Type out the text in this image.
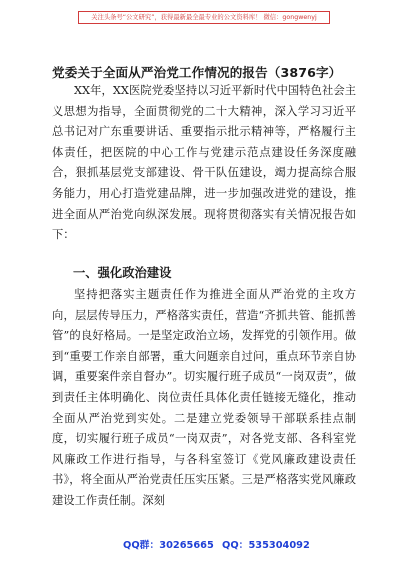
关注头条号“公文研究”，获得最新最全最专业的公文资料库！ 微信：gongwenyj
党委关于全面从严治党工作情况的报告（3876字）

XX年，XX医院党委坚持以习近平新时代中国特色社会主义思想为指导，全面贯彻党的二十大精神，深入学习习近平总书记对广东重要讲话、重要指示批示精神等，严格履行主体责任，把医院的中心工作与党建示范点建设任务深度融合，狠抓基层党支部建设、骨干队伍建设，竭力提高综合服务能力，用心打造党建品牌，进一步加强改进党的建设，推进全面从严治党向纵深发展。现将贯彻落实有关情况报告如下：

一、强化政治建设

坚持把落实主题责任作为推进全面从严治党的主攻方向，层层传导压力，严格落实责任，营造“齐抓共管、能抓善管”的良好格局。一是坚定政治立场，发挥党的引领作用。做到“重要工作亲自部署，重大问题亲自过问，重点环节亲自协调，重要案件亲自督办”。切实履行班子成员“一岗双责”，做到责任主体明确化、岗位责任具体化责任链接无缝化，推动全面从严治党到实处。二是建立党委领导干部联系挂点制度，切实履行班子成员“一岗双责”，对各党支部、各科室党风廉政工作进行指导，与各科室签订《党风廉政建设责任书》，将全面从严治党责任压实压紧。三是严格落实党风廉政建设工作责任制。深刻

QQ群：30265665 QQ：535304092
